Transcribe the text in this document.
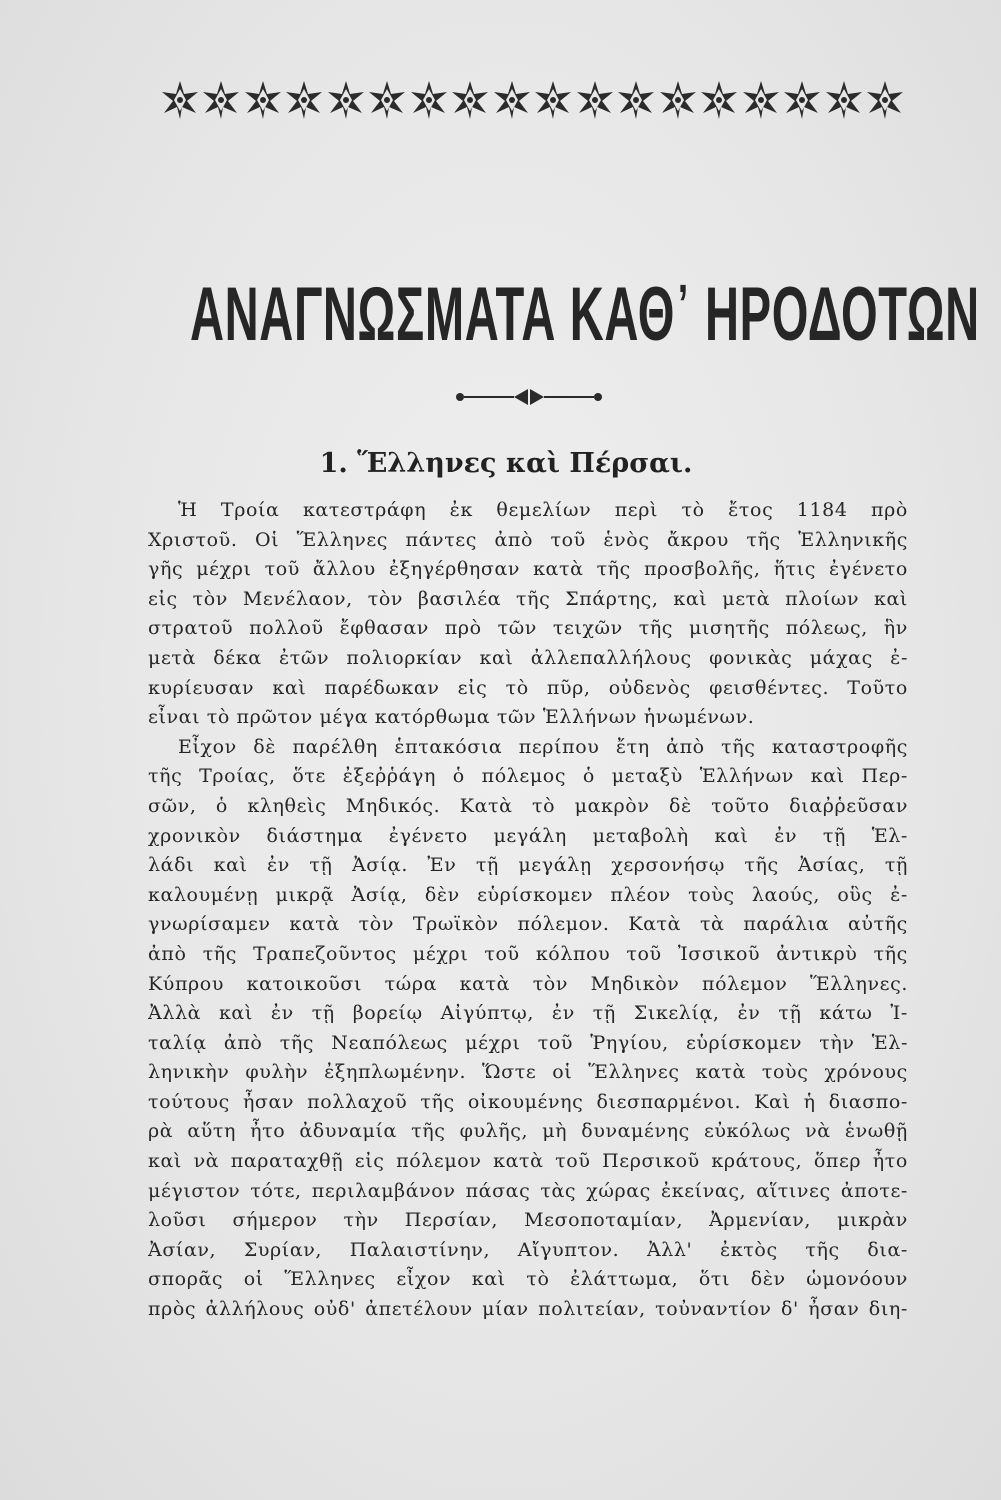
ΑΝΑΓΝΩΣΜΑΤΑ ΚΑΘ᾽ ΗΡΟΔΟΤΩΝ
1. Ἕλληνες καὶ Πέρσαι.
Ἡ Τροία κατεστράφη ἐκ θεμελίων περὶ τὸ ἔτος 1184 πρὸ
Χριστοῦ. Οἱ Ἕλληνες πάντες ἀπὸ τοῦ ἑνὸς ἄκρου τῆς Ἑλληνικῆς
γῆς μέχρι τοῦ ἄλλου ἐξηγέρθησαν κατὰ τῆς προσβολῆς, ἥτις ἐγένετο
εἰς τὸν Μενέλαον, τὸν βασιλέα τῆς Σπάρτης, καὶ μετὰ πλοίων καὶ
στρατοῦ πολλοῦ ἔφθασαν πρὸ τῶν τειχῶν τῆς μισητῆς πόλεως, ἣν
μετὰ δέκα ἐτῶν πολιορκίαν καὶ ἀλλεπαλλήλους φονικὰς μάχας ἐ-
κυρίευσαν καὶ παρέδωκαν εἰς τὸ πῦρ, οὐδενὸς φεισθέντες. Τοῦτο
εἶναι τὸ πρῶτον μέγα κατόρθωμα τῶν Ἑλλήνων ἡνωμένων.
Εἶχον δὲ παρέλθη ἑπτακόσια περίπου ἔτη ἀπὸ τῆς καταστροφῆς
τῆς Τροίας, ὅτε ἐξεῤῥάγη ὁ πόλεμος ὁ μεταξὺ Ἑλλήνων καὶ Περ-
σῶν, ὁ κληθεὶς Μηδικός. Κατὰ τὸ μακρὸν δὲ τοῦτο διαῤῥεῦσαν
χρονικὸν διάστημα ἐγένετο μεγάλη μεταβολὴ καὶ ἐν τῇ Ἑλ-
λάδι καὶ ἐν τῇ Ἀσίᾳ. Ἐν τῇ μεγάλῃ χερσονήσῳ τῆς Ἀσίας, τῇ
καλουμένῃ μικρᾷ Ἀσίᾳ, δὲν εὑρίσκομεν πλέον τοὺς λαούς, οὓς ἐ-
γνωρίσαμεν κατὰ τὸν Τρωϊκὸν πόλεμον. Κατὰ τὰ παράλια αὐτῆς
ἀπὸ τῆς Τραπεζοῦντος μέχρι τοῦ κόλπου τοῦ Ἰσσικοῦ ἀντικρὺ τῆς
Κύπρου κατοικοῦσι τώρα κατὰ τὸν Μηδικὸν πόλεμον Ἕλληνες.
Ἀλλὰ καὶ ἐν τῇ βορείῳ Αἰγύπτῳ, ἐν τῇ Σικελίᾳ, ἐν τῇ κάτω Ἰ-
ταλίᾳ ἀπὸ τῆς Νεαπόλεως μέχρι τοῦ Ῥηγίου, εὑρίσκομεν τὴν Ἑλ-
ληνικὴν φυλὴν ἐξηπλωμένην. Ὥστε οἱ Ἕλληνες κατὰ τοὺς χρόνους
τούτους ἦσαν πολλαχοῦ τῆς οἰκουμένης διεσπαρμένοι. Καὶ ἡ διασπο-
ρὰ αὕτη ἦτο ἀδυναμία τῆς φυλῆς, μὴ δυναμένης εὐκόλως νὰ ἑνωθῇ
καὶ νὰ παραταχθῇ εἰς πόλεμον κατὰ τοῦ Περσικοῦ κράτους, ὅπερ ἦτο
μέγιστον τότε, περιλαμβάνον πάσας τὰς χώρας ἐκείνας, αἵτινες ἀποτε-
λοῦσι σήμερον τὴν Περσίαν, Μεσοποταμίαν, Ἀρμενίαν, μικρὰν
Ἀσίαν, Συρίαν, Παλαιστίνην, Αἴγυπτον. Ἀλλ' ἐκτὸς τῆς δια-
σπορᾶς οἱ Ἕλληνες εἶχον καὶ τὸ ἐλάττωμα, ὅτι δὲν ὡμονόουν
πρὸς ἀλλήλους οὐδ' ἀπετέλουν μίαν πολιτείαν, τοὐναντίον δ' ἦσαν διη-
